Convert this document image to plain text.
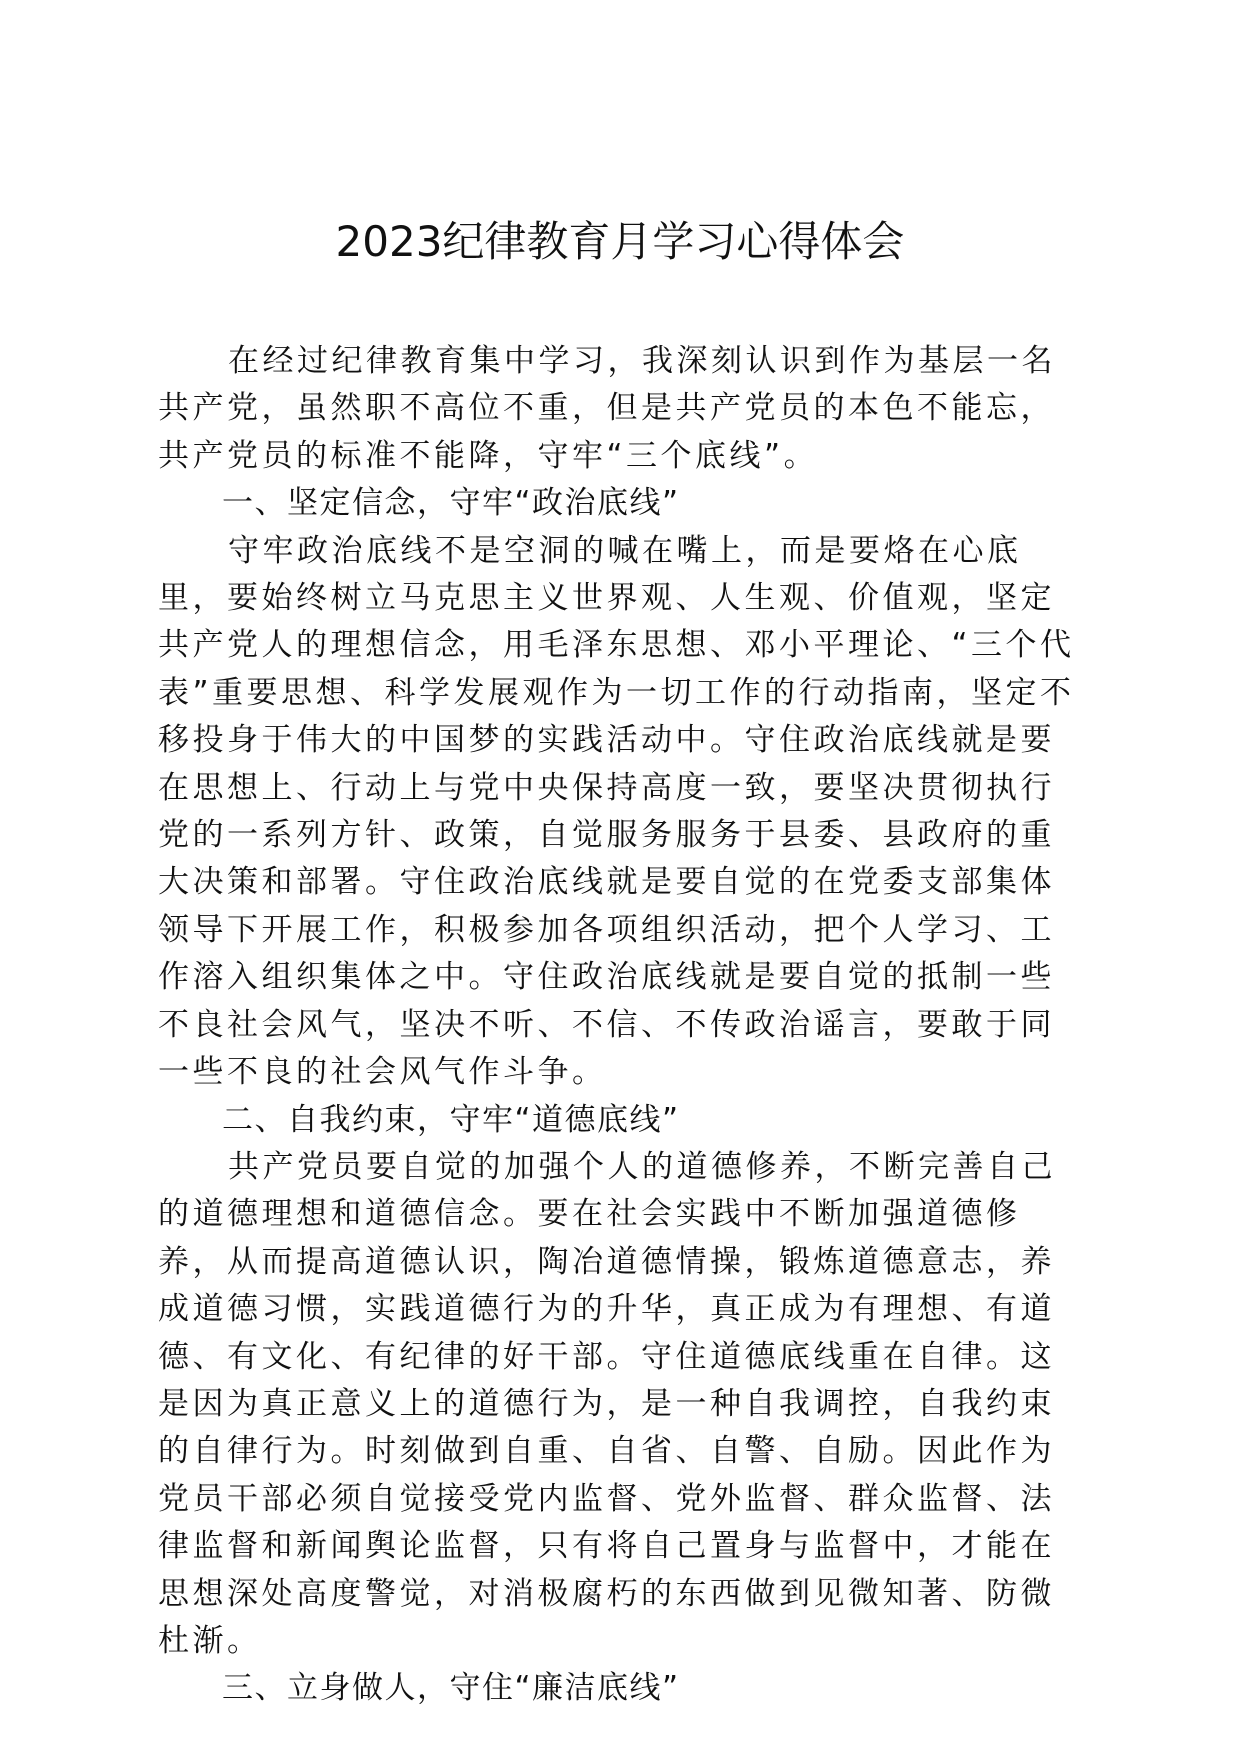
2023纪律教育月学习心得体会

在经过纪律教育集中学习，我深刻认识到作为基层一名共产党，虽然职不高位不重，但是共产党员的本色不能忘，共产党员的标准不能降，守牢“三个底线”。

一、坚定信念，守牢“政治底线”

守牢政治底线不是空洞的喊在嘴上，而是要烙在心底里，要始终树立马克思主义世界观、人生观、价值观，坚定共产党人的理想信念，用毛泽东思想、邓小平理论、“三个代表”重要思想、科学发展观作为一切工作的行动指南，坚定不移投身于伟大的中国梦的实践活动中。守住政治底线就是要在思想上、行动上与党中央保持高度一致，要坚决贯彻执行党的一系列方针、政策，自觉服务服务于县委、县政府的重大决策和部署。守住政治底线就是要自觉的在党委支部集体领导下开展工作，积极参加各项组织活动，把个人学习、工作溶入组织集体之中。守住政治底线就是要自觉的抵制一些不良社会风气，坚决不听、不信、不传政治谣言，要敢于同一些不良的社会风气作斗争。

二、自我约束，守牢“道德底线”

共产党员要自觉的加强个人的道德修养，不断完善自己的道德理想和道德信念。要在社会实践中不断加强道德修养，从而提高道德认识，陶冶道德情操，锻炼道德意志，养成道德习惯，实践道德行为的升华，真正成为有理想、有道德、有文化、有纪律的好干部。守住道德底线重在自律。这是因为真正意义上的道德行为，是一种自我调控，自我约束的自律行为。时刻做到自重、自省、自警、自励。因此作为党员干部必须自觉接受党内监督、党外监督、群众监督、法律监督和新闻舆论监督，只有将自己置身与监督中，才能在思想深处高度警觉，对消极腐朽的东西做到见微知著、防微杜渐。

三、立身做人，守住“廉洁底线”
